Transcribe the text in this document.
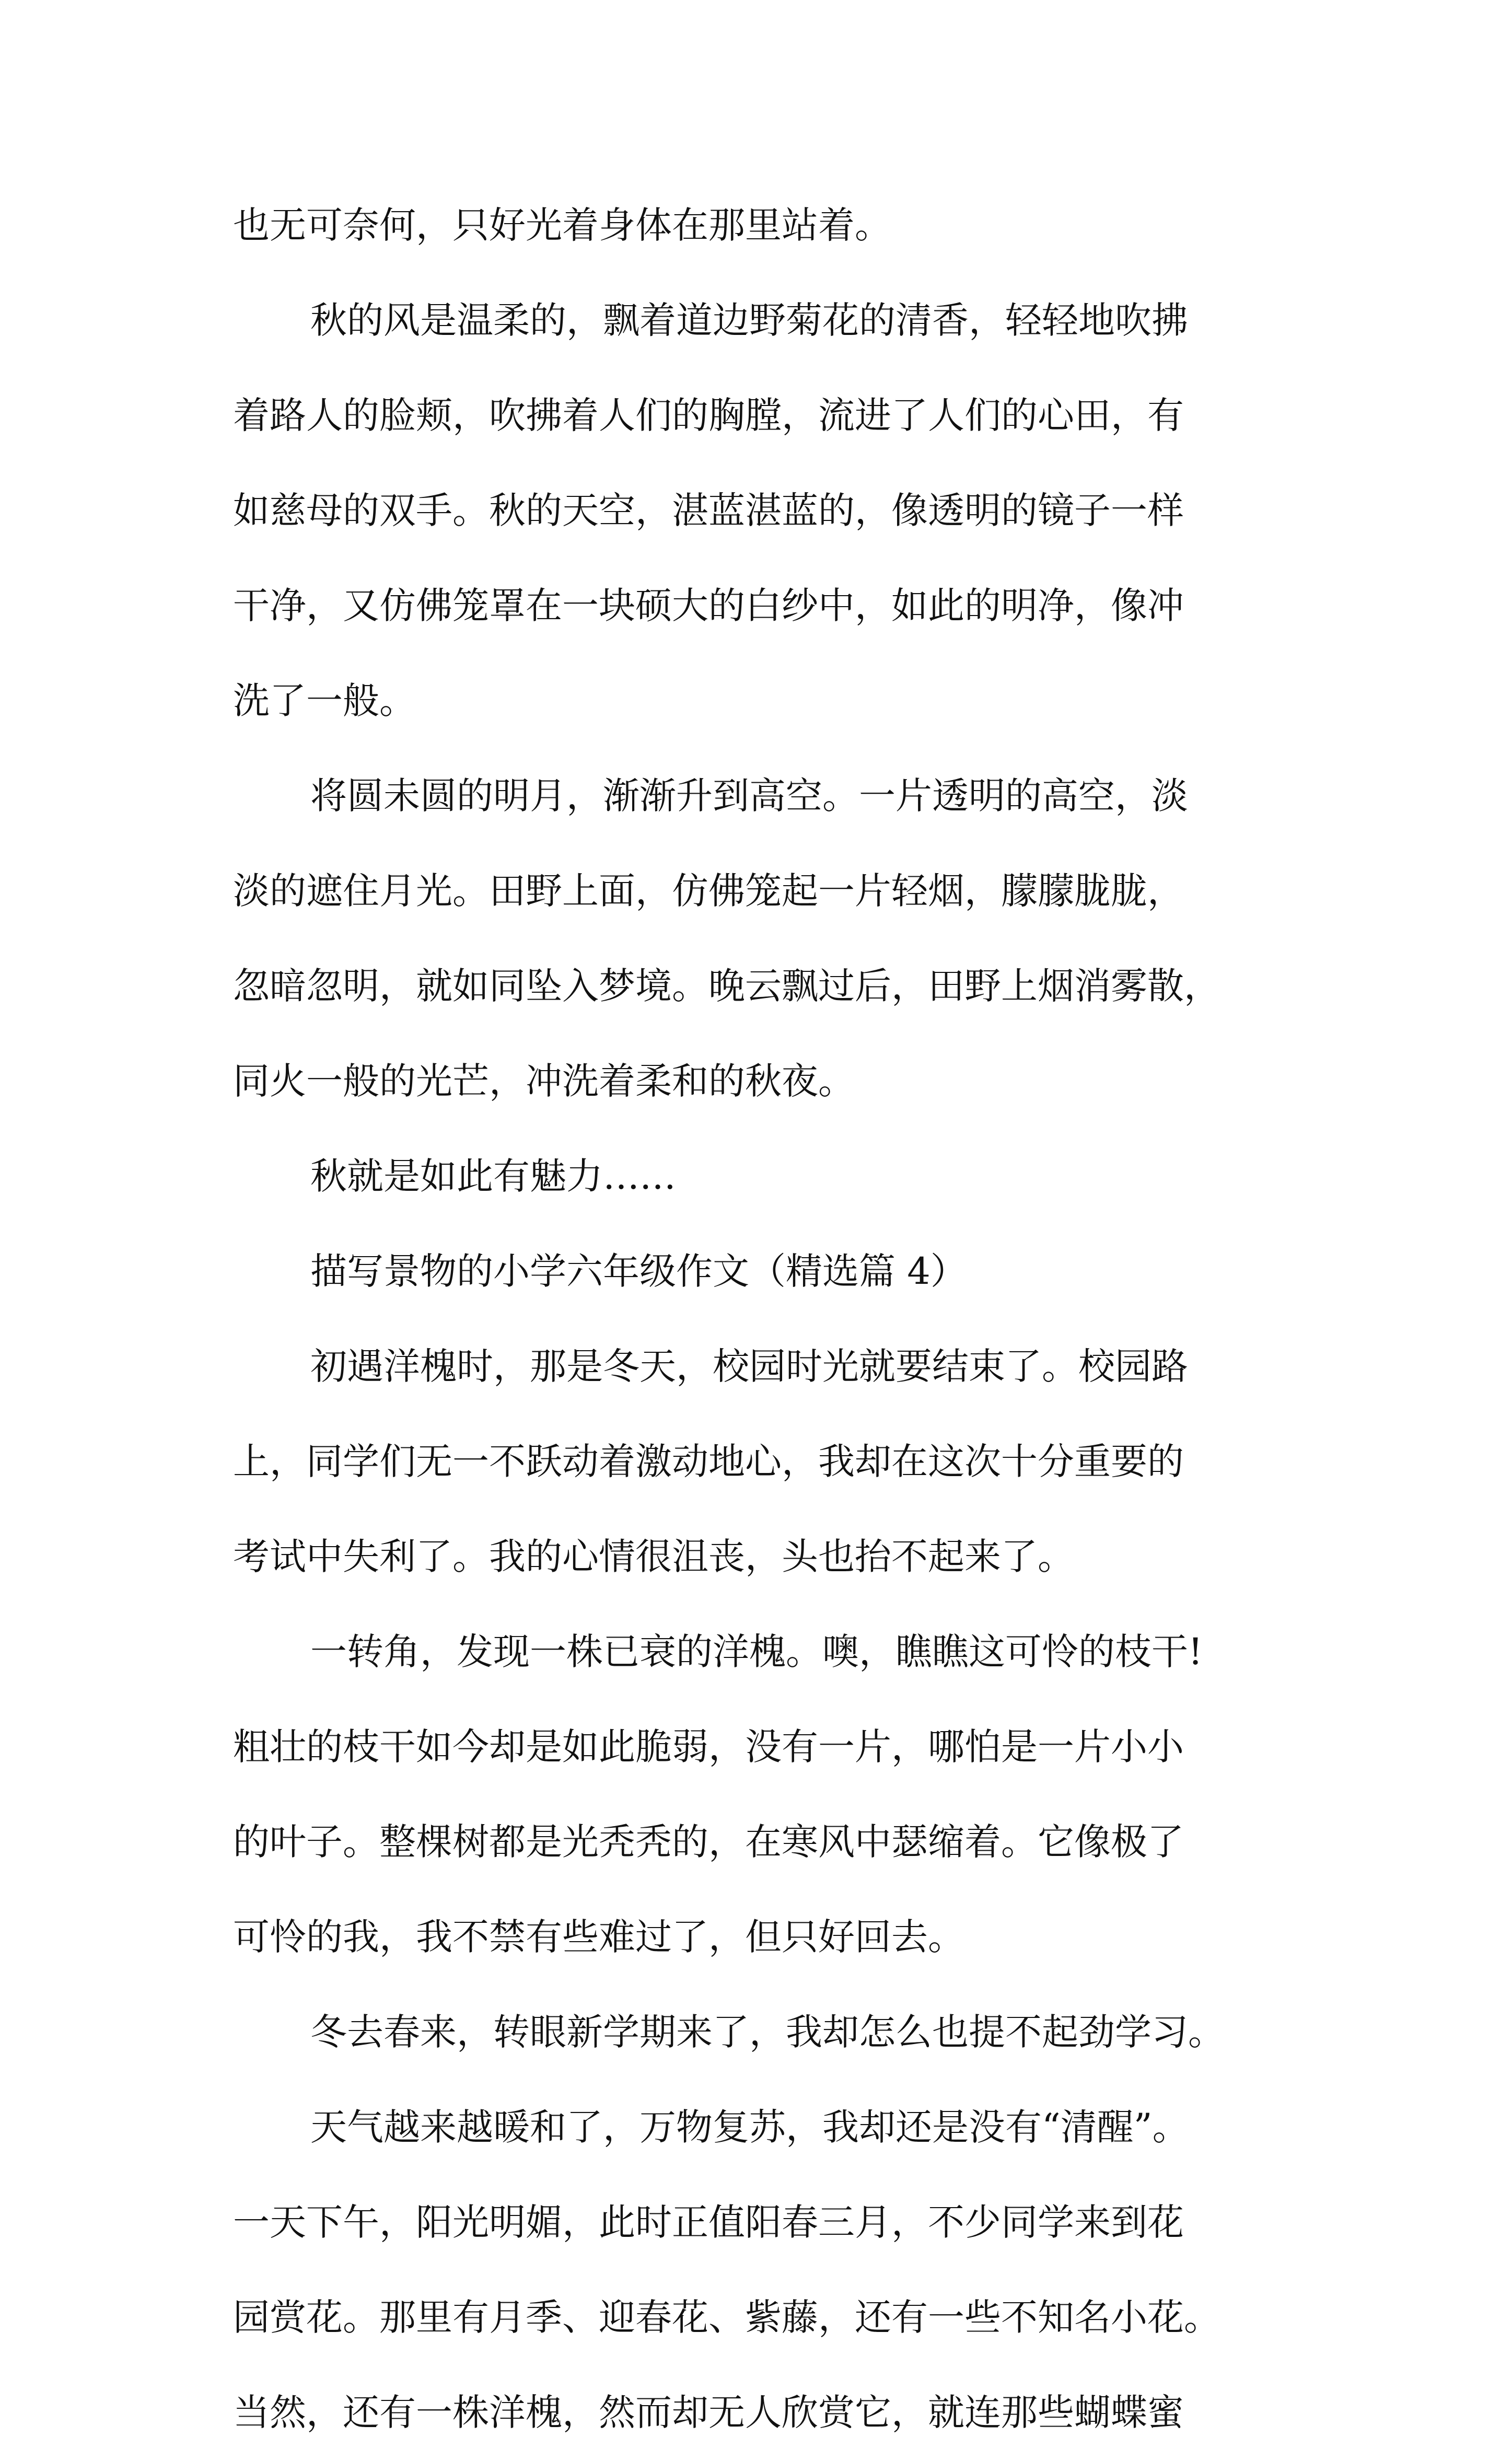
也无可奈何，只好光着身体在那里站着。
秋的风是温柔的，飘着道边野菊花的清香，轻轻地吹拂
着路人的脸颊，吹拂着人们的胸膛，流进了人们的心田，有
如慈母的双手。秋的天空，湛蓝湛蓝的，像透明的镜子一样
干净，又仿佛笼罩在一块硕大的白纱中，如此的明净，像冲
洗了一般。
将圆未圆的明月，渐渐升到高空。一片透明的高空，淡
淡的遮住月光。田野上面，仿佛笼起一片轻烟，朦朦胧胧，
忽暗忽明，就如同坠入梦境。晚云飘过后，田野上烟消雾散，
同火一般的光芒，冲洗着柔和的秋夜。
秋就是如此有魅力……
描写景物的小学六年级作文（精选篇 4）
初遇洋槐时，那是冬天，校园时光就要结束了。校园路
上，同学们无一不跃动着激动地心，我却在这次十分重要的
考试中失利了。我的心情很沮丧，头也抬不起来了。
一转角，发现一株已衰的洋槐。噢，瞧瞧这可怜的枝干!
粗壮的枝干如今却是如此脆弱，没有一片，哪怕是一片小小
的叶子。整棵树都是光秃秃的，在寒风中瑟缩着。它像极了
可怜的我，我不禁有些难过了，但只好回去。
冬去春来，转眼新学期来了，我却怎么也提不起劲学习。
天气越来越暖和了，万物复苏，我却还是没有“清醒”。
一天下午，阳光明媚，此时正值阳春三月，不少同学来到花
园赏花。那里有月季、迎春花、紫藤，还有一些不知名小花。
当然，还有一株洋槐，然而却无人欣赏它，就连那些蝴蝶蜜
